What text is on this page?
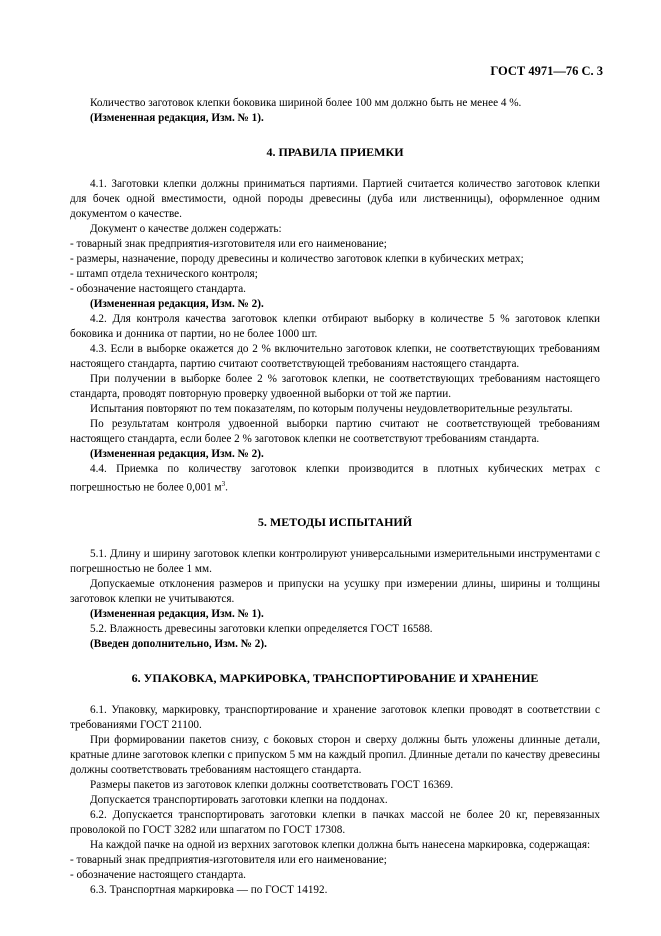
ГОСТ 4971—76 С. 3

Количество заготовок клепки боковика шириной более 100 мм должно быть не менее 4 %.

(Измененная редакция, Изм. № 1).

4. ПРАВИЛА ПРИЕМКИ

4.1. Заготовки клепки должны приниматься партиями. Партией считается количество заготовок клепки для бочек одной вместимости, одной породы древесины (дуба или лиственницы), оформленное одним документом о качестве.

Документ о качестве должен содержать:

- товарный знак предприятия-изготовителя или его наименование;

- размеры, назначение, породу древесины и количество заготовок клепки в кубических метрах;

- штамп отдела технического контроля;

- обозначение настоящего стандарта.

(Измененная редакция, Изм. № 2).

4.2. Для контроля качества заготовок клепки отбирают выборку в количестве 5 % заготовок клепки боковика и донника от партии, но не более 1000 шт.

4.3. Если в выборке окажется до 2 % включительно заготовок клепки, не соответствующих требованиям настоящего стандарта, партию считают соответствующей требованиям настоящего стандарта.

При получении в выборке более 2 % заготовок клепки, не соответствующих требованиям настоящего стандарта, проводят повторную проверку удвоенной выборки от той же партии.

Испытания повторяют по тем показателям, по которым получены неудовлетворительные результаты.

По результатам контроля удвоенной выборки партию считают не соответствующей требованиям настоящего стандарта, если более 2 % заготовок клепки не соответствуют требованиям стандарта.

(Измененная редакция, Изм. № 2).

4.4. Приемка по количеству заготовок клепки производится в плотных кубических метрах с погрешностью не более 0,001 $м^3$.

5. МЕТОДЫ ИСПЫТАНИЙ

5.1. Длину и ширину заготовок клепки контролируют универсальными измерительными инструментами с погрешностью не более 1 мм.

Допускаемые отклонения размеров и припуски на усушку при измерении длины, ширины и толщины заготовок клепки не учитываются.

(Измененная редакция, Изм. № 1).

5.2. Влажность древесины заготовки клепки определяется ГОСТ 16588.

(Введен дополнительно, Изм. № 2).

6. УПАКОВКА, МАРКИРОВКА, ТРАНСПОРТИРОВАНИЕ И ХРАНЕНИЕ

6.1. Упаковку, маркировку, транспортирование и хранение заготовок клепки проводят в соответствии с требованиями ГОСТ 21100.

При формировании пакетов снизу, с боковых сторон и сверху должны быть уложены длинные детали, кратные длине заготовок клепки с припуском 5 мм на каждый пропил. Длинные детали по качеству древесины должны соответствовать требованиям настоящего стандарта.

Размеры пакетов из заготовок клепки должны соответствовать ГОСТ 16369.

Допускается транспортировать заготовки клепки на поддонах.

6.2. Допускается транспортировать заготовки клепки в пачках массой не более 20 кг, перевязанных проволокой по ГОСТ 3282 или шпагатом по ГОСТ 17308.

На каждой пачке на одной из верхних заготовок клепки должна быть нанесена маркировка, содержащая:

- товарный знак предприятия-изготовителя или его наименование;

- обозначение настоящего стандарта.

6.3. Транспортная маркировка — по ГОСТ 14192.
